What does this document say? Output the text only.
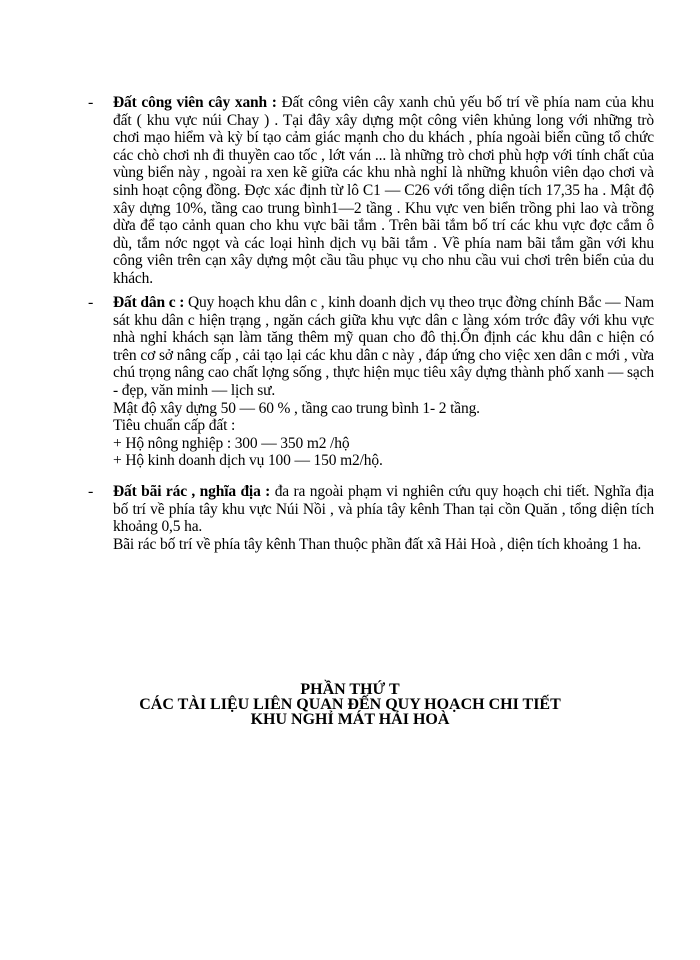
- Đất công viên cây xanh : Đất công viên cây xanh chủ yếu bố trí về phía nam của khu đất ( khu vực núi Chay ) . Tại đây xây dựng một công viên khủng long với những trò chơi mạo hiểm và kỳ bí tạo cảm giác mạnh cho du khách , phía ngoài biển cũng tổ chức các chò chơi nh đi thuyền cao tốc , lớt ván ... là những trò chơi phù hợp với tính chất của vùng biển này , ngoài ra xen kẽ giữa các khu nhà nghỉ là những khuôn viên dạo chơi và sinh hoạt cộng đồng. Đợc xác định từ lô C1 — C26 với tổng diện tích 17,35 ha . Mật độ xây dựng 10%, tầng cao trung bình1—2 tầng . Khu vực ven biển trồng phi lao và trồng dừa để tạo cảnh quan cho khu vực bãi tắm . Trên bãi tắm bố trí các khu vực đợc cắm ô dù, tắm nớc ngọt và các loại hình dịch vụ bãi tắm . Về phía nam bãi tắm gần với khu công viên trên cạn xây dựng một cầu tầu phục vụ cho nhu cầu vui chơi trên biển của du khách.

- Đất dân c : Quy hoạch khu dân c , kinh doanh dịch vụ theo trục đờng chính Bắc — Nam sát khu dân c hiện trạng , ngăn cách giữa khu vực dân c làng xóm trớc đây với khu vực nhà nghỉ khách sạn làm tăng thêm mỹ quan cho đô thị.Ổn định các khu dân c hiện có trên cơ sở nâng cấp , cải tạo lại các khu dân c này , đáp ứng cho việc xen dân c mới , vừa chú trọng nâng cao chất lợng sống , thực hiện mục tiêu xây dựng thành phố xanh — sạch - đẹp, văn minh — lịch sư.

Mật độ xây dựng 50 — 60 % , tầng cao trung bình 1- 2 tầng.

Tiêu chuẩn cấp đất :

+ Hộ nông nghiệp : 300 — 350 m2 /hộ

+ Hộ kinh doanh dịch vụ 100 — 150 m2/hộ.

- Đất bãi rác , nghĩa địa : đa ra ngoài phạm vi nghiên cứu quy hoạch chi tiết. Nghĩa địa bố trí về phía tây khu vực Núi Nồi , và phía tây kênh Than tại cồn Quăn , tổng diện tích khoảng 0,5 ha.

Bãi rác bố trí về phía tây kênh Than thuộc phần đất xã Hải Hoà , diện tích khoảng 1 ha.

PHẦN THỨ T
CÁC TÀI LIỆU LIÊN QUAN ĐẾN QUY HOẠCH CHI TIẾT
KHU NGHỈ MÁT HẢI HOÀ
